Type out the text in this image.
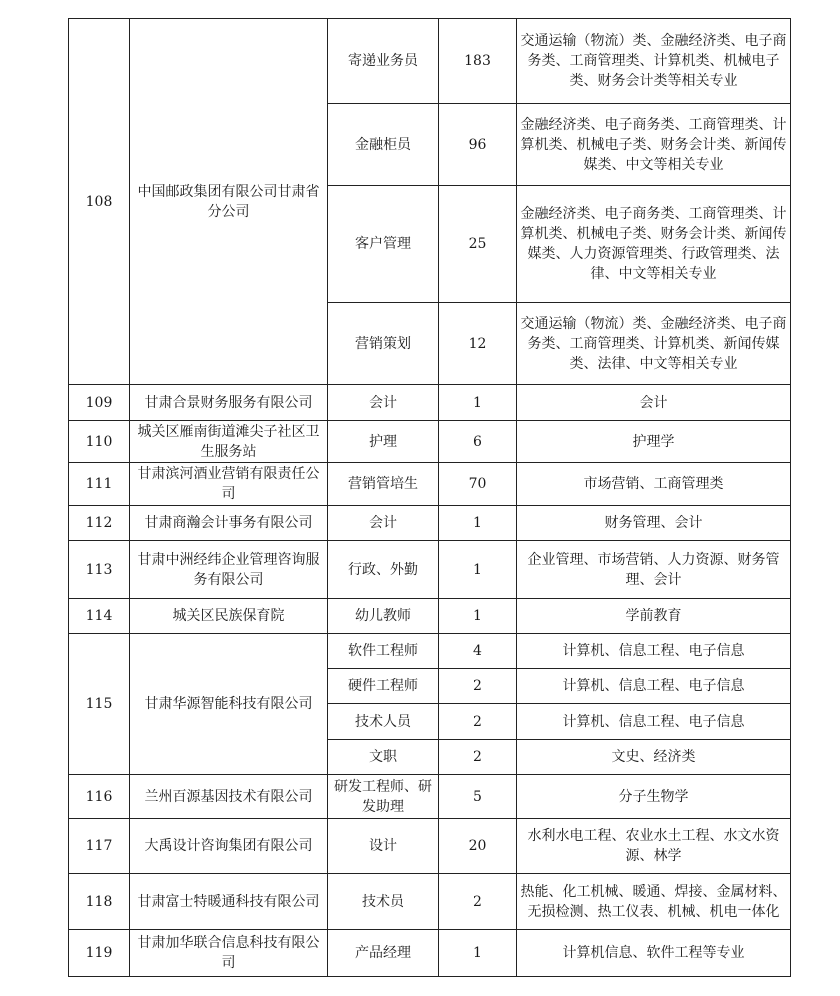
108	中国邮政集团有限公司甘肃省分公司	寄递业务员	183	交通运输（物流）类、金融经济类、电子商务类、工商管理类、计算机类、机械电子类、财务会计类等相关专业

		金融柜员	96	金融经济类、电子商务类、工商管理类、计算机类、机械电子类、财务会计类、新闻传媒类、中文等相关专业

		客户管理	25	金融经济类、电子商务类、工商管理类、计算机类、机械电子类、财务会计类、新闻传媒类、人力资源管理类、行政管理类、法律、中文等相关专业

		营销策划	12	交通运输（物流）类、金融经济类、电子商务类、工商管理类、计算机类、新闻传媒类、法律、中文等相关专业

109	甘肃合景财务服务有限公司	会计	1	会计

110	城关区雁南街道滩尖子社区卫生服务站	护理	6	护理学

111	甘肃滨河酒业营销有限责任公司	营销管培生	70	市场营销、工商管理类

112	甘肃商瀚会计事务有限公司	会计	1	财务管理、会计

113	甘肃中洲经纬企业管理咨询服务有限公司	行政、外勤	1	企业管理、市场营销、人力资源、财务管理、会计

114	城关区民族保育院	幼儿教师	1	学前教育

115	甘肃华源智能科技有限公司	软件工程师	4	计算机、信息工程、电子信息

		硬件工程师	2	计算机、信息工程、电子信息

		技术人员	2	计算机、信息工程、电子信息

		文职	2	文史、经济类

116	兰州百源基因技术有限公司	研发工程师、研发助理	5	分子生物学

117	大禹设计咨询集团有限公司	设计	20	水利水电工程、农业水土工程、水文水资源、林学

118	甘肃富士特暖通科技有限公司	技术员	2	热能、化工机械、暖通、焊接、金属材料、无损检测、热工仪表、机械、机电一体化

119	甘肃加华联合信息科技有限公司	产品经理	1	计算机信息、软件工程等专业
